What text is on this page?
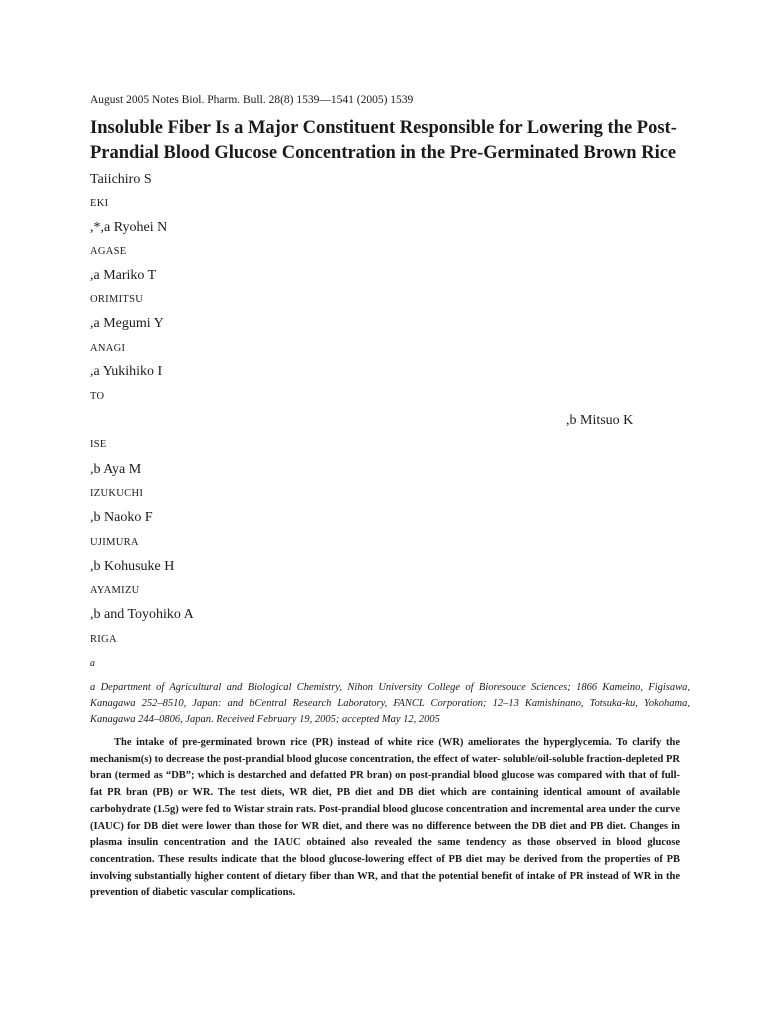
August 2005 Notes Biol. Pharm. Bull. 28(8) 1539—1541 (2005) 1539
Insoluble Fiber Is a Major Constituent Responsible for Lowering the Post-
Prandial Blood Glucose Concentration in the Pre-Germinated Brown Rice
Taiichiro S
EKI
,*,a Ryohei N
AGASE
,a Mariko T
ORIMITSU
,a Megumi Y
ANAGI
,a Yukihiko I
TO
,b Mitsuo K
ISE
,b Aya M
IZUKUCHI
,b Naoko F
UJIMURA
,b Kohusuke H
AYAMIZU
,b and Toyohiko A
RIGA
a
a Department of Agricultural and Biological Chemistry, Nihon University College of Bioresouce Sciences; 1866 Kameino, Figisawa, Kanagawa 252–8510, Japan: and bCentral Research Laboratory, FANCL Corporation; 12–13 Kamishinano, Totsuka-ku, Yokohama, Kanagawa 244–0806, Japan. Received February 19, 2005; accepted May 12, 2005
The intake of pre-germinated brown rice (PR) instead of white rice (WR) ameliorates the hyperglycemia. To clarify the mechanism(s) to decrease the post-prandial blood glucose concentration, the effect of water- soluble/oil-soluble fraction-depleted PR bran (termed as “DB”; which is destarched and defatted PR bran) on post-prandial blood glucose was compared with that of full-fat PR bran (PB) or WR. The test diets, WR diet, PB diet and DB diet which are containing identical amount of available carbohydrate (1.5g) were fed to Wistar strain rats. Post-prandial blood glucose concentration and incremental area under the curve (IAUC) for DB diet were lower than those for WR diet, and there was no difference between the DB diet and PB diet. Changes in plasma insulin concentration and the IAUC obtained also revealed the same tendency as those observed in blood glucose concentration. These results indicate that the blood glucose-lowering effect of PB diet may be derived from the properties of PB involving substantially higher content of dietary fiber than WR, and that the potential benefit of intake of PR instead of WR in the prevention of diabetic vascular complications.
